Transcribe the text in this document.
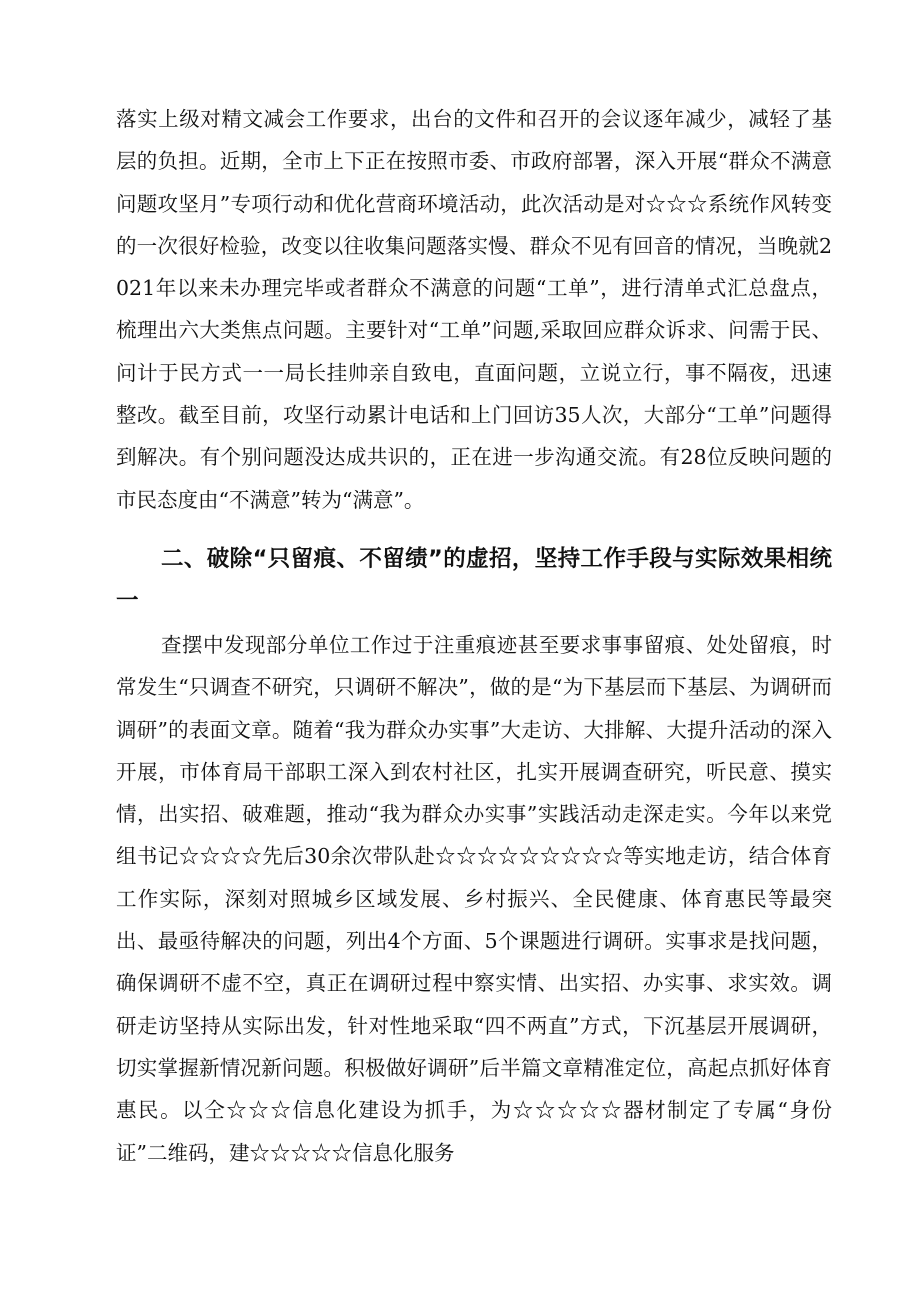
落实上级对精文减会工作要求，出台的文件和召开的会议逐年减少，减轻了基层的负担。近期，全市上下正在按照市委、市政府部署，深入开展“群众不满意问题攻坚月”专项行动和优化营商环境活动，此次活动是对☆☆☆系统作风转变的一次很好检验，改变以往收集问题落实慢、群众不见有回音的情况，当晚就2021年以来未办理完毕或者群众不满意的问题“工单”，进行清单式汇总盘点，梳理出六大类焦点问题。主要针对“工单”问题,采取回应群众诉求、问需于民、问计于民方式一一局长挂帅亲自致电，直面问题，立说立行，事不隔夜，迅速整改。截至目前，攻坚行动累计电话和上门回访35人次，大部分“工单”问题得到解决。有个别问题没达成共识的，正在进一步沟通交流。有28位反映问题的市民态度由“不满意”转为“满意”。

二、破除“只留痕、不留绩”的虚招，坚持工作手段与实际效果相统一

查摆中发现部分单位工作过于注重痕迹甚至要求事事留痕、处处留痕，时常发生“只调查不研究，只调研不解决”，做的是“为下基层而下基层、为调研而调研”的表面文章。随着“我为群众办实事”大走访、大排解、大提升活动的深入开展，市体育局干部职工深入到农村社区，扎实开展调查研究，听民意、摸实情，出实招、破难题，推动“我为群众办实事”实践活动走深走实。今年以来党组书记☆☆☆☆先后30余次带队赴☆☆☆☆☆☆☆☆☆等实地走访，结合体育工作实际，深刻对照城乡区域发展、乡村振兴、全民健康、体育惠民等最突出、最亟待解决的问题，列出4个方面、5个课题进行调研。实事求是找问题，确保调研不虚不空，真正在调研过程中察实情、出实招、办实事、求实效。调研走访坚持从实际出发，针对性地采取“四不两直”方式，下沉基层开展调研，切实掌握新情况新问题。积极做好调研”后半篇文章精准定位，高起点抓好体育惠民。以仝☆☆☆信息化建设为抓手，为☆☆☆☆☆器材制定了专属“身份证”二维码，建☆☆☆☆☆信息化服务
